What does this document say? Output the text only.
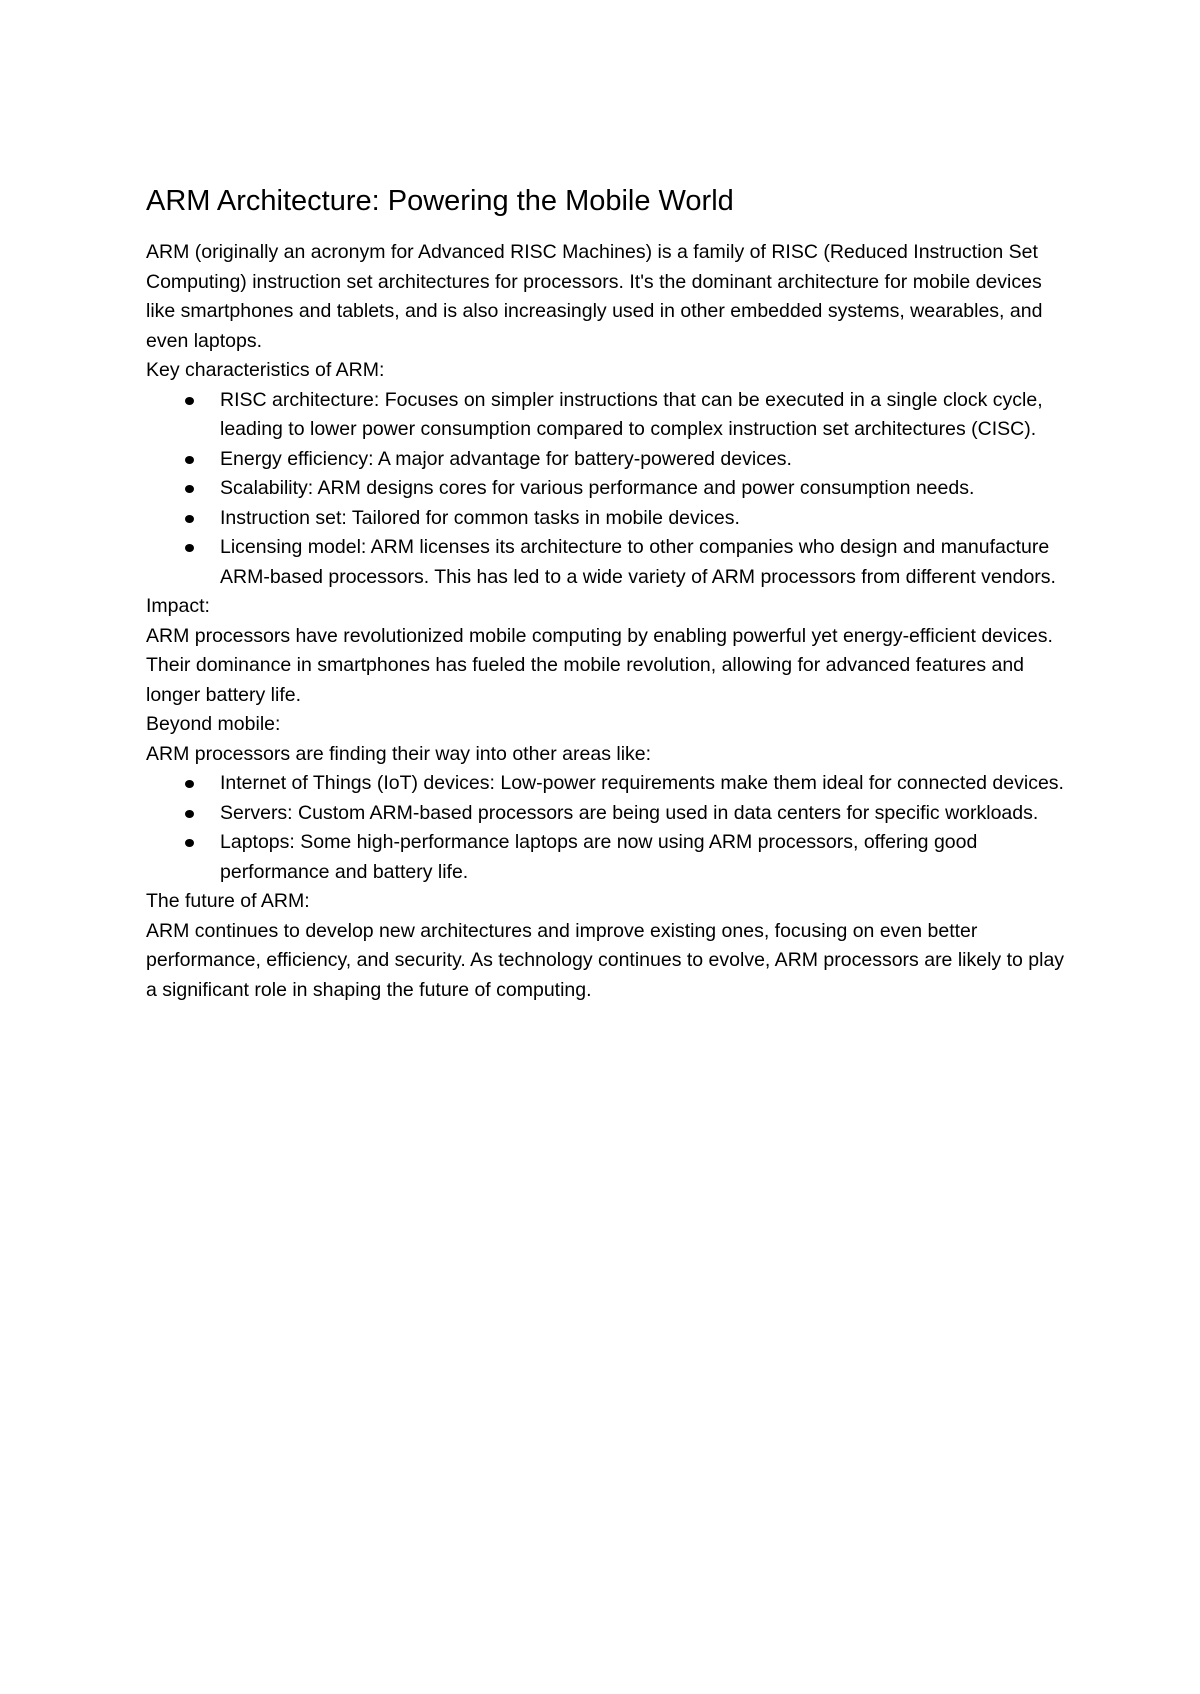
ARM Architecture: Powering the Mobile World

ARM (originally an acronym for Advanced RISC Machines) is a family of RISC (Reduced Instruction Set Computing) instruction set architectures for processors. It's the dominant architecture for mobile devices like smartphones and tablets, and is also increasingly used in other embedded systems, wearables, and even laptops.

Key characteristics of ARM:

RISC architecture: Focuses on simpler instructions that can be executed in a single clock cycle, leading to lower power consumption compared to complex instruction set architectures (CISC).
Energy efficiency: A major advantage for battery-powered devices.
Scalability: ARM designs cores for various performance and power consumption needs.
Instruction set: Tailored for common tasks in mobile devices.
Licensing model: ARM licenses its architecture to other companies who design and manufacture ARM-based processors. This has led to a wide variety of ARM processors from different vendors.

Impact:

ARM processors have revolutionized mobile computing by enabling powerful yet energy-efficient devices. Their dominance in smartphones has fueled the mobile revolution, allowing for advanced features and longer battery life.

Beyond mobile:

ARM processors are finding their way into other areas like:

Internet of Things (IoT) devices: Low-power requirements make them ideal for connected devices.
Servers: Custom ARM-based processors are being used in data centers for specific workloads.
Laptops: Some high-performance laptops are now using ARM processors, offering good performance and battery life.

The future of ARM:

ARM continues to develop new architectures and improve existing ones, focusing on even better performance, efficiency, and security. As technology continues to evolve, ARM processors are likely to play a significant role in shaping the future of computing.
